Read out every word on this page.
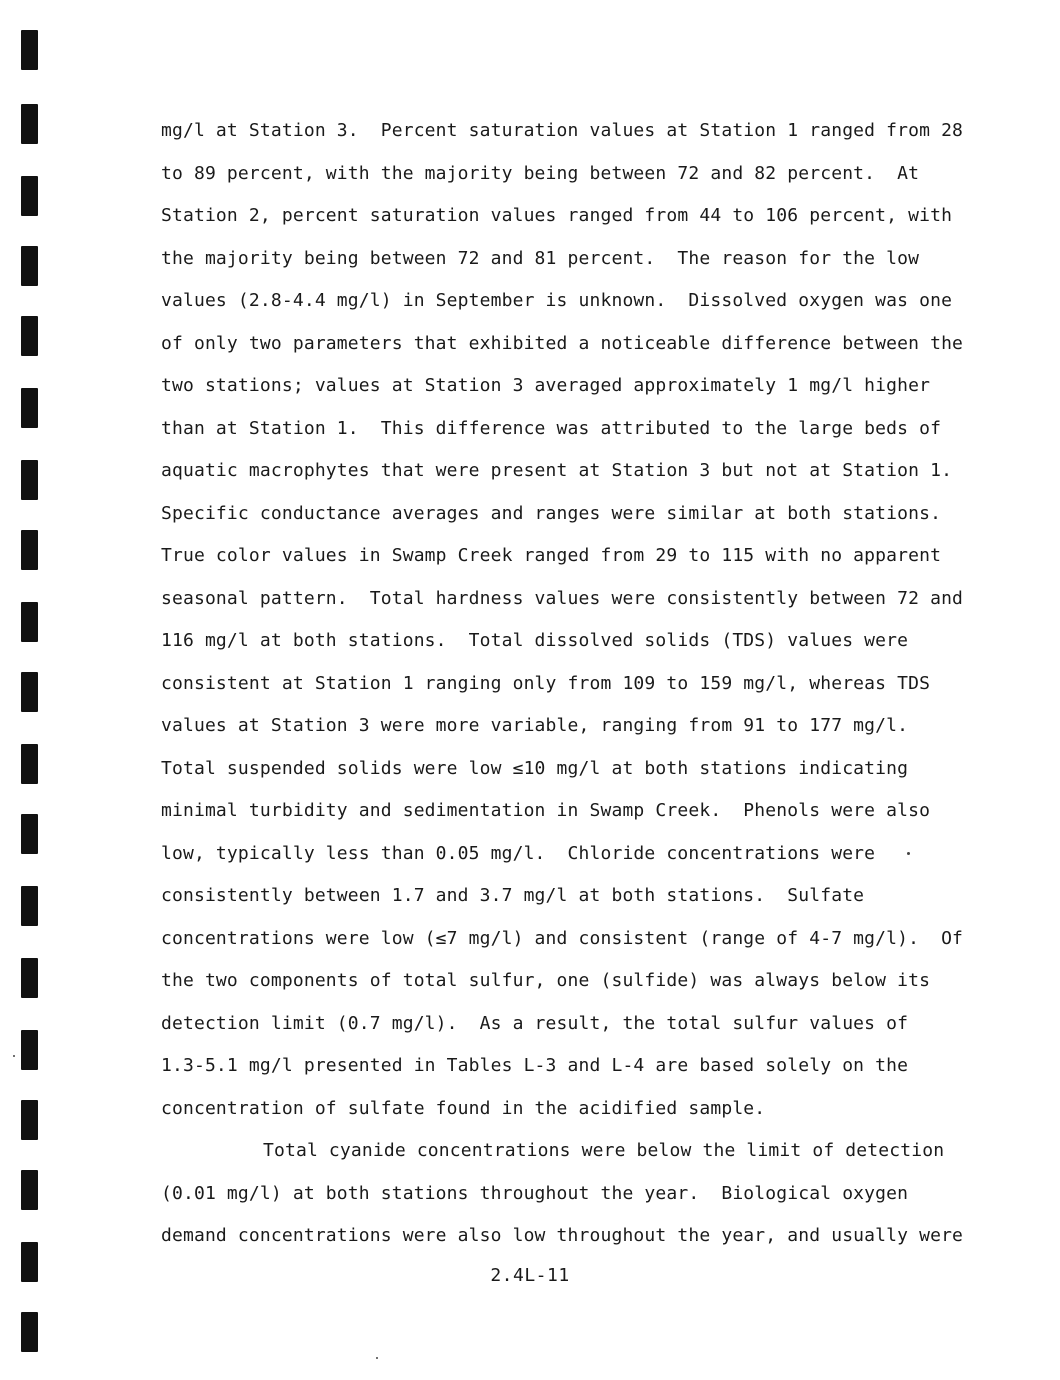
mg/l at Station 3.  Percent saturation values at Station 1 ranged from 28
to 89 percent, with the majority being between 72 and 82 percent.  At
Station 2, percent saturation values ranged from 44 to 106 percent, with
the majority being between 72 and 81 percent.  The reason for the low
values (2.8-4.4 mg/l) in September is unknown.  Dissolved oxygen was one
of only two parameters that exhibited a noticeable difference between the
two stations; values at Station 3 averaged approximately 1 mg/l higher
than at Station 1.  This difference was attributed to the large beds of
aquatic macrophytes that were present at Station 3 but not at Station 1.
Specific conductance averages and ranges were similar at both stations.
True color values in Swamp Creek ranged from 29 to 115 with no apparent
seasonal pattern.  Total hardness values were consistently between 72 and
116 mg/l at both stations.  Total dissolved solids (TDS) values were
consistent at Station 1 ranging only from 109 to 159 mg/l, whereas TDS
values at Station 3 were more variable, ranging from 91 to 177 mg/l.
Total suspended solids were low ≤10 mg/l at both stations indicating
minimal turbidity and sedimentation in Swamp Creek.  Phenols were also
low, typically less than 0.05 mg/l.  Chloride concentrations were
consistently between 1.7 and 3.7 mg/l at both stations.  Sulfate
concentrations were low (≤7 mg/l) and consistent (range of 4-7 mg/l).  Of
the two components of total sulfur, one (sulfide) was always below its
detection limit (0.7 mg/l).  As a result, the total sulfur values of
1.3-5.1 mg/l presented in Tables L-3 and L-4 are based solely on the
concentration of sulfate found in the acidified sample.
Total cyanide concentrations were below the limit of detection
(0.01 mg/l) at both stations throughout the year.  Biological oxygen
demand concentrations were also low throughout the year, and usually were
2.4L-11
